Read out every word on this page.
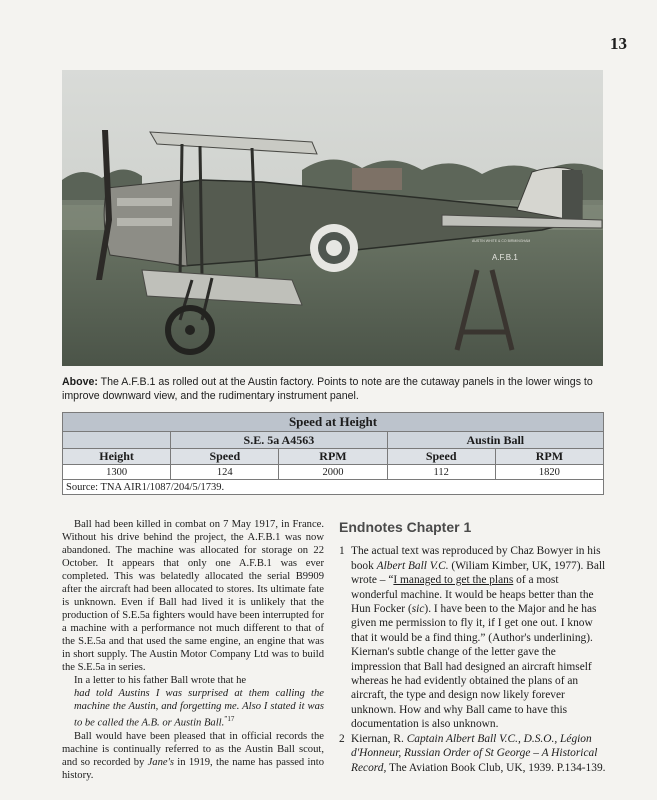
13
A.F.B.1
AUSTIN WHITE & CO BIRMINGHAM
Above: The A.F.B.1 as rolled out at the Austin factory. Points to note are the cutaway panels in the lower wings to improve downward view, and the rudimentary instrument panel.
Speed at Height				
	S.E. 5a A4563		Austin Ball	
Height	Speed	RPM	Speed	RPM
1300	124	2000	112	1820
Source: TNA AIR1/1087/204/5/1739.				

Ball had been killed in combat on 7 May 1917, in France. Without his drive behind the project, the A.F.B.1 was now abandoned. The machine was allocated for storage on 22 October. It appears that only one A.F.B.1 was ever completed. This was belatedly allocated the serial B9909 after the aircraft had been allocated to stores. Its ultimate fate is unknown. Even if Ball had lived it is unlikely that the production of S.E.5a fighters would have been interrupted for a machine with a performance not much different to that of the S.E.5a and that used the same engine, an engine that was in short supply. The Austin Motor Company Ltd was to build the S.E.5a in series.

In a letter to his father Ball wrote that he

had told Austins I was surprised at them calling the machine the Austin, and forgetting me. Also I stated it was to be called the A.B. or Austin Ball.$^{”17}$

Ball would have been pleased that in official records the machine is continually referred to as the Austin Ball scout, and so recorded by Jane's in 1919, the name has passed into history.

Endnotes Chapter 1
1 The actual text was reproduced by Chaz Bowyer in his book Albert Ball V.C. (Wiliam Kimber, UK, 1977). Ball wrote – “I managed to get the plans of a most wonderful machine. It would be heaps better than the Hun Focker (sic). I have been to the Major and he has given me permission to fly it, if I get one out. I know that it would be a find thing.” (Author's underlining). Kiernan's subtle change of the letter gave the impression that Ball had designed an aircraft himself whereas he had evidently obtained the plans of an aircraft, the type and design now likely forever unknown. How and why Ball came to have this documentation is also unknown.
2 Kiernan, R. Captain Albert Ball V.C., D.S.O., Légion d'Honneur, Russian Order of St George – A Historical Record, The Aviation Book Club, UK, 1939. P.134-139.
